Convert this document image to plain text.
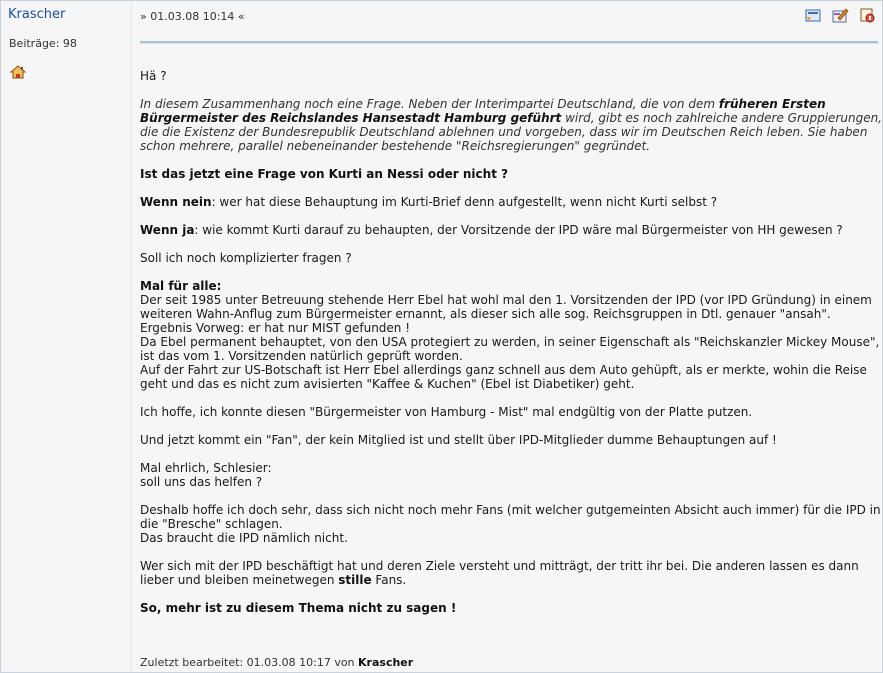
Krascher
Beiträge: 98
» 01.03.08 10:14 «

Hä ?

In diesem Zusammenhang noch eine Frage. Neben der Interimpartei Deutschland, die von dem früheren Ersten Bürgermeister des Reichslandes Hansestadt Hamburg geführt wird, gibt es noch zahlreiche andere Gruppierungen, die die Existenz der Bundesrepublik Deutschland ablehnen und vorgeben, dass wir im Deutschen Reich leben. Sie haben schon mehrere, parallel nebeneinander bestehende "Reichsregierungen" gegründet.

Ist das jetzt eine Frage von Kurti an Nessi oder nicht ?

Wenn nein: wer hat diese Behauptung im Kurti-Brief denn aufgestellt, wenn nicht Kurti selbst ?

Wenn ja: wie kommt Kurti darauf zu behaupten, der Vorsitzende der IPD wäre mal Bürgermeister von HH gewesen ?

Soll ich noch komplizierter fragen ?

Mal für alle:
Der seit 1985 unter Betreuung stehende Herr Ebel hat wohl mal den 1. Vorsitzenden der IPD (vor IPD Gründung) in einem weiteren Wahn-Anflug zum Bürgermeister ernannt, als dieser sich alle sog. Reichsgruppen in Dtl. genauer "ansah".
Ergebnis Vorweg: er hat nur MIST gefunden !
Da Ebel permanent behauptet, von den USA protegiert zu werden, in seiner Eigenschaft als "Reichskanzler Mickey Mouse", ist das vom 1. Vorsitzenden natürlich geprüft worden.
Auf der Fahrt zur US-Botschaft ist Herr Ebel allerdings ganz schnell aus dem Auto gehüpft, als er merkte, wohin die Reise geht und das es nicht zum avisierten "Kaffee & Kuchen" (Ebel ist Diabetiker) geht.

Ich hoffe, ich konnte diesen "Bürgermeister von Hamburg - Mist" mal endgültig von der Platte putzen.

Und jetzt kommt ein "Fan", der kein Mitglied ist und stellt über IPD-Mitglieder dumme Behauptungen auf !

Mal ehrlich, Schlesier:
soll uns das helfen ?
Deshalb hoffe ich doch sehr, dass sich nicht noch mehr Fans (mit welcher gutgemeinten Absicht auch immer) für die IPD in die "Bresche" schlagen.
Das braucht die IPD nämlich nicht.

Wer sich mit der IPD beschäftigt hat und deren Ziele versteht und mitträgt, der tritt ihr bei. Die anderen lassen es dann lieber und bleiben meinetwegen stille Fans.

So, mehr ist zu diesem Thema nicht zu sagen !

Zuletzt bearbeitet: 01.03.08 10:17 von Krascher
